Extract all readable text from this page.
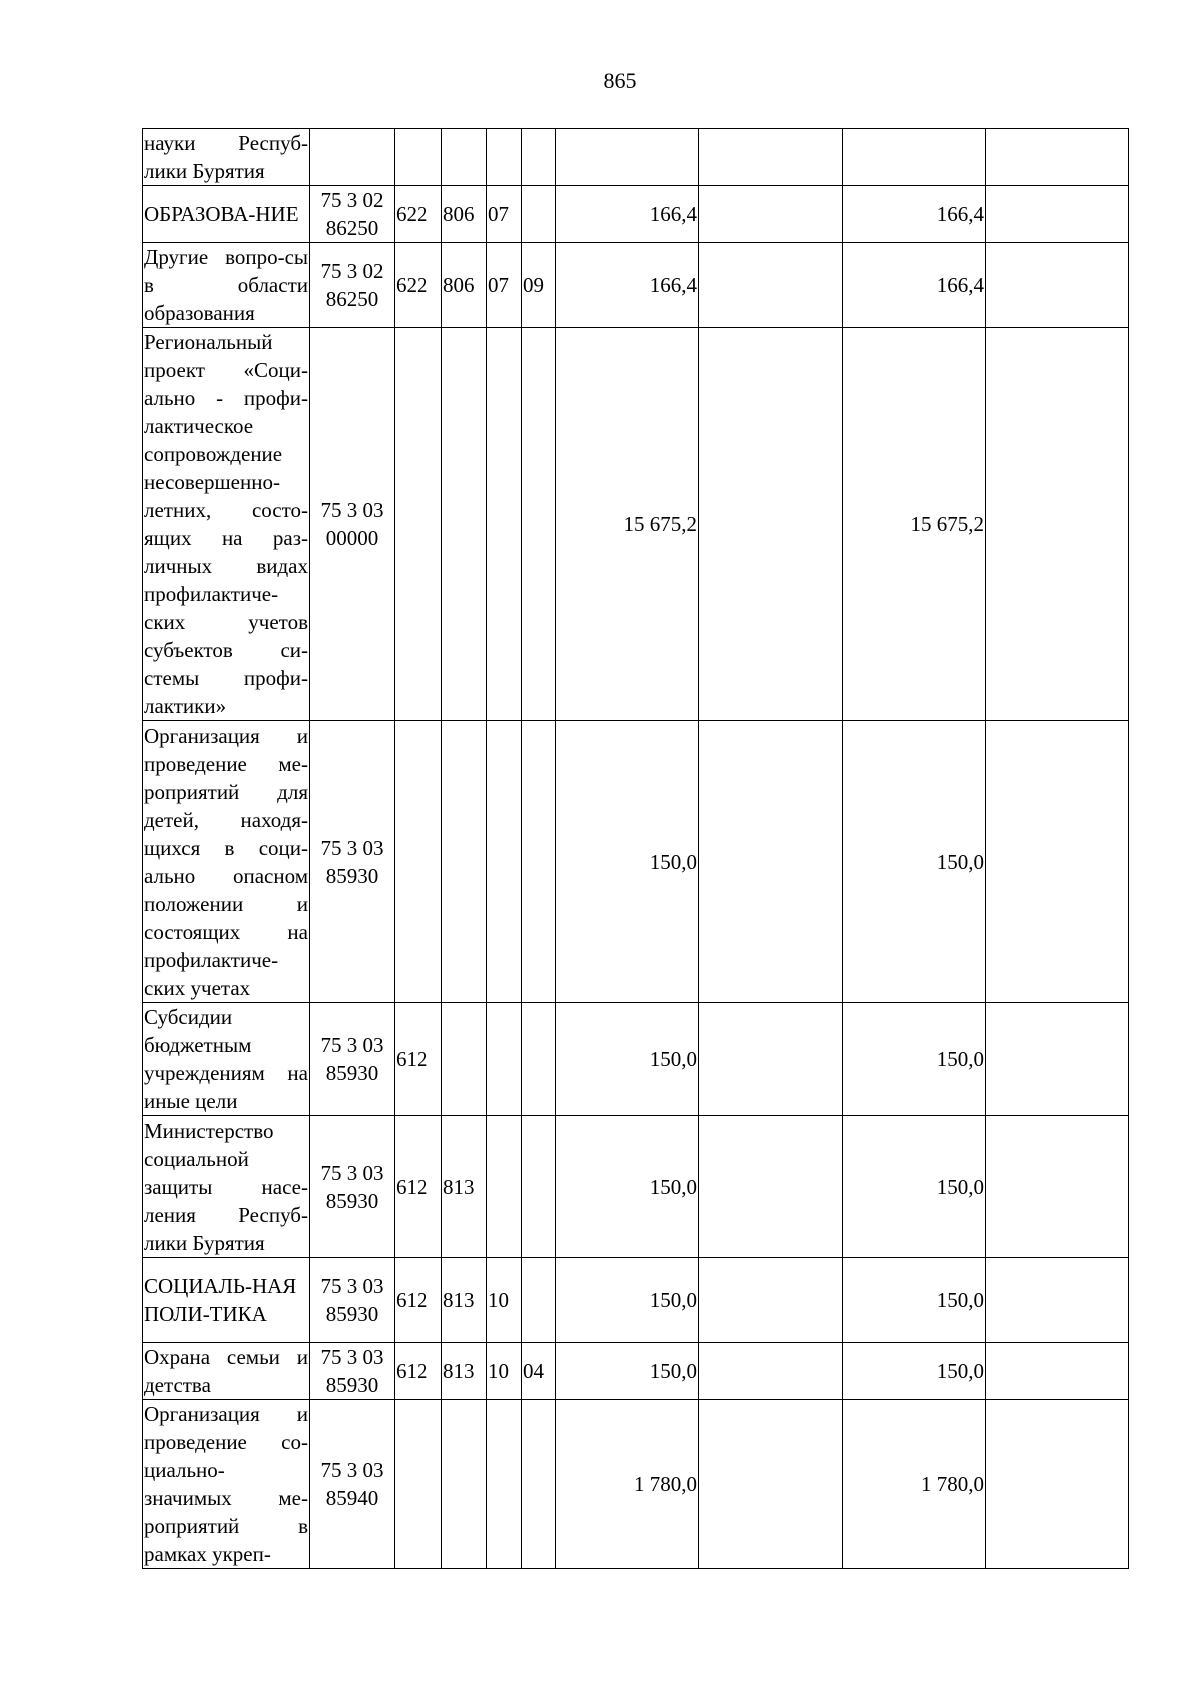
865
науки Респуб-лики Бурятия									
ОБРАЗОВА-НИЕ	75 3 02 86250	622	806	07		166,4		166,4	
Другие вопро-сы в области образования	75 3 02 86250	622	806	07	09	166,4		166,4	
Региональный проект «Соци-ально - профи-лактическое сопровождение несовершенно-летних, состо-ящих на раз-личных видах профилактиче-ских учетов субъектов си-стемы профи-лактики»	75 3 03 00000					15 675,2		15 675,2	
Организация и проведение ме-роприятий для детей, находя-щихся в соци-ально опасном положении и состоящих на профилактиче-ских учетах	75 3 03 85930					150,0		150,0	
Субсидии бюджетным учреждениям на иные цели	75 3 03 85930	612				150,0		150,0	
Министерство социальной защиты насе-ления Респуб-лики Бурятия	75 3 03 85930	612	813			150,0		150,0	
СОЦИАЛЬ-НАЯ ПОЛИ-ТИКА	75 3 03 85930	612	813	10		150,0		150,0	
Охрана семьи и детства	75 3 03 85930	612	813	10	04	150,0		150,0	
Организация и проведение со-циально-значимых ме-роприятий в рамках укреп-	75 3 03 85940					1 780,0		1 780,0	
